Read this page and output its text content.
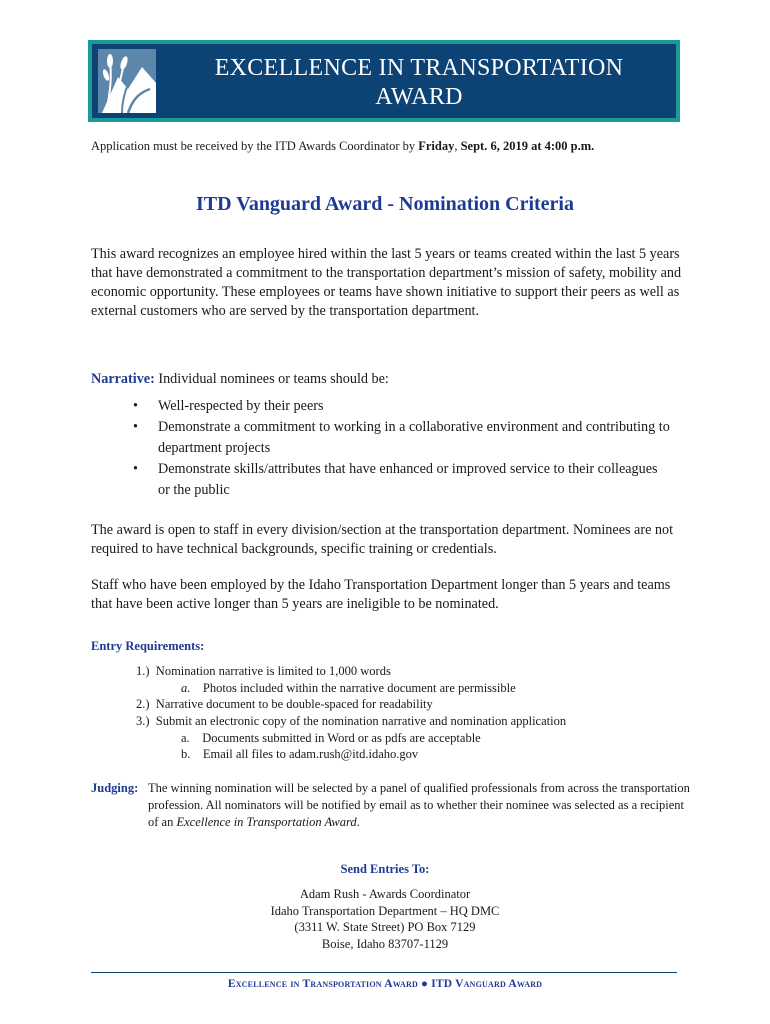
EXCELLENCE IN TRANSPORTATION
AWARD
Application must be received by the ITD Awards Coordinator by Friday, Sept. 6, 2019 at 4:00 p.m.
ITD Vanguard Award - Nomination Criteria
This award recognizes an employee hired within the last 5 years or teams created within the last 5 years that have demonstrated a commitment to the transportation department’s mission of safety, mobility and economic opportunity. These employees or teams have shown initiative to support their peers as well as external customers who are served by the transportation department.
Narrative: Individual nominees or teams should be:
• Well-respected by their peers
• Demonstrate a commitment to working in a collaborative environment and contributing to department projects
• Demonstrate skills/attributes that have enhanced or improved service to their colleagues or the public
The award is open to staff in every division/section at the transportation department. Nominees are not required to have technical backgrounds, specific training or credentials.
Staff who have been employed by the Idaho Transportation Department longer than 5 years and teams that have been active longer than 5 years are ineligible to be nominated.
Entry Requirements:
1.) Nomination narrative is limited to 1,000 words
a. Photos included within the narrative document are permissible
2.) Narrative document to be double-spaced for readability
3.) Submit an electronic copy of the nomination narrative and nomination application
a. Documents submitted in Word or as pdfs are acceptable
b. Email all files to adam.rush@itd.idaho.gov
Judging: The winning nomination will be selected by a panel of qualified professionals from across the transportation profession. All nominators will be notified by email as to whether their nominee was selected as a recipient of an Excellence in Transportation Award.
Send Entries To:
Adam Rush - Awards Coordinator
Idaho Transportation Department – HQ DMC
(3311 W. State Street) PO Box 7129
Boise, Idaho 83707-1129
Excellence in Transportation Award ● ITD Vanguard Award
